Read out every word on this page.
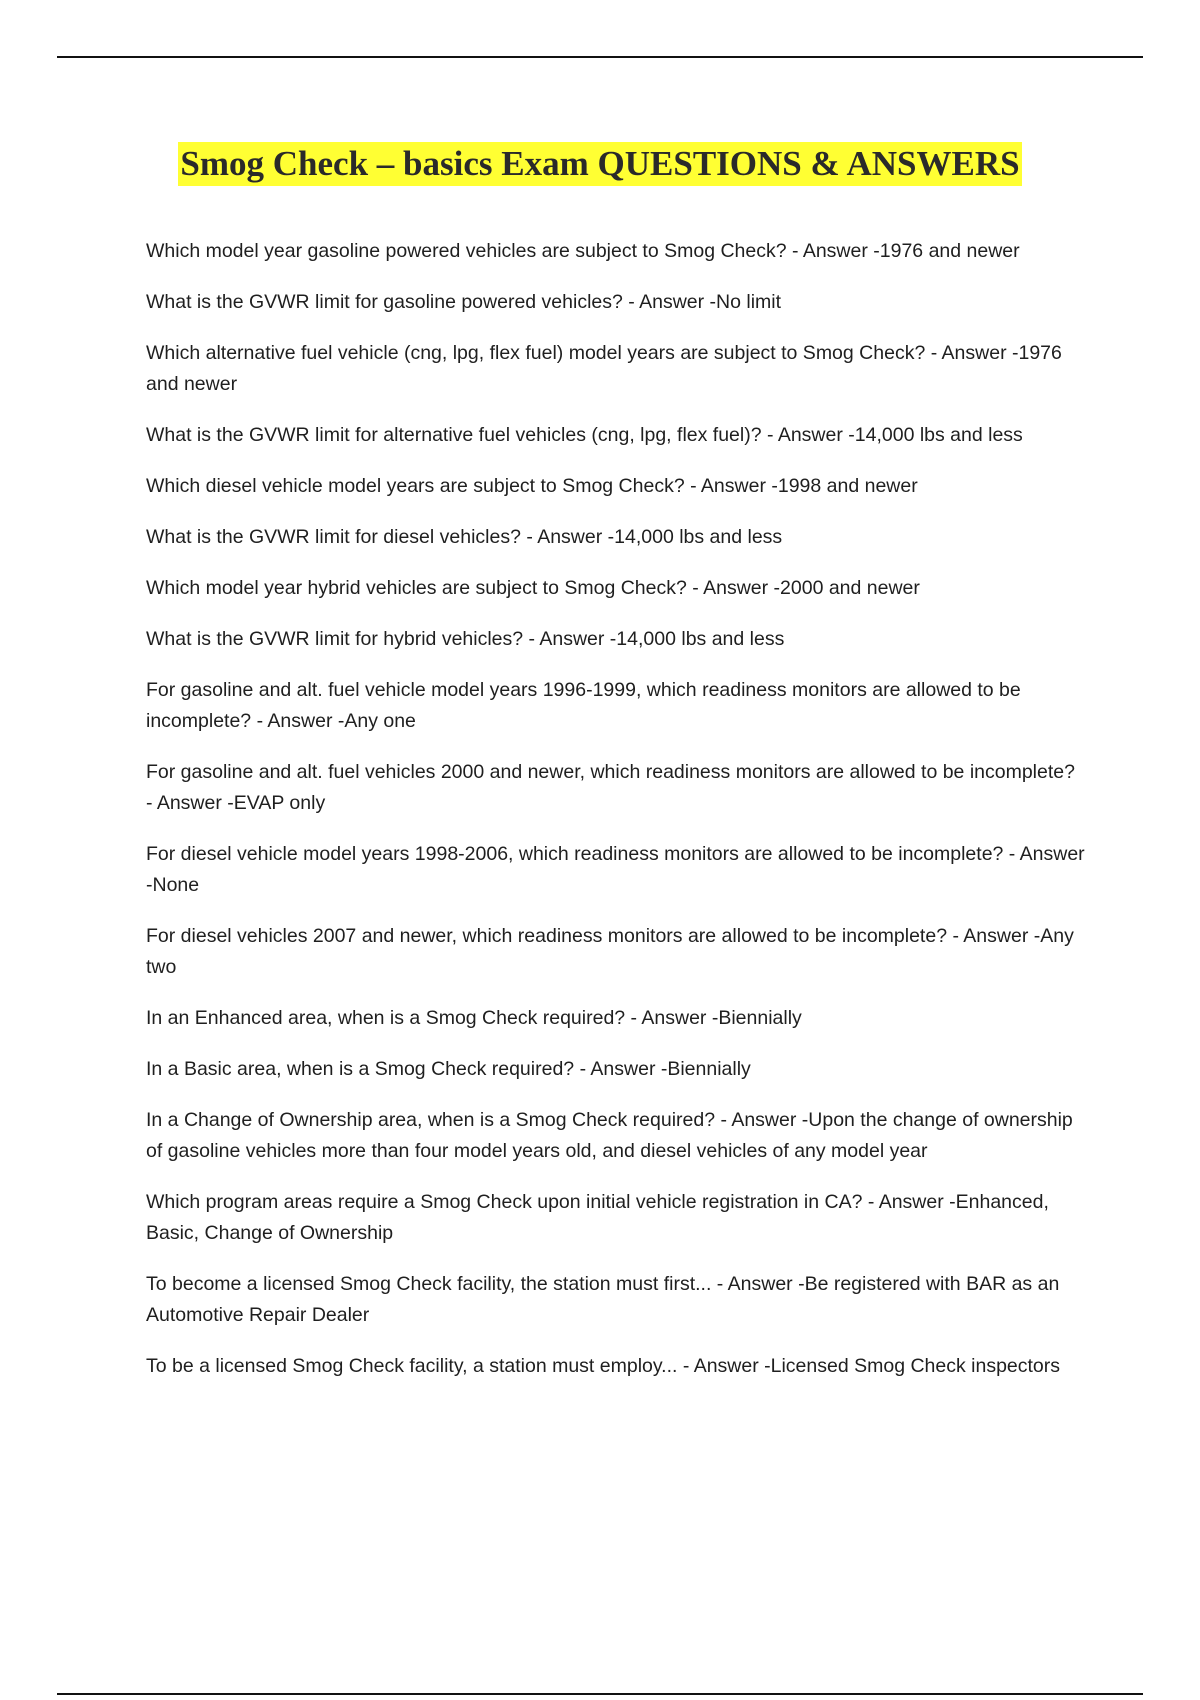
Smog Check – basics Exam QUESTIONS & ANSWERS
Which model year gasoline powered vehicles are subject to Smog Check? - Answer -1976 and newer
What is the GVWR limit for gasoline powered vehicles? - Answer -No limit
Which alternative fuel vehicle (cng, lpg, flex fuel) model years are subject to Smog Check? - Answer -1976 and newer
What is the GVWR limit for alternative fuel vehicles (cng, lpg, flex fuel)? - Answer -14,000 lbs and less
Which diesel vehicle model years are subject to Smog Check? - Answer -1998 and newer
What is the GVWR limit for diesel vehicles? - Answer -14,000 lbs and less
Which model year hybrid vehicles are subject to Smog Check? - Answer -2000 and newer
What is the GVWR limit for hybrid vehicles? - Answer -14,000 lbs and less
For gasoline and alt. fuel vehicle model years 1996-1999, which readiness monitors are allowed to be incomplete? - Answer -Any one
For gasoline and alt. fuel vehicles 2000 and newer, which readiness monitors are allowed to be incomplete? - Answer -EVAP only
For diesel vehicle model years 1998-2006, which readiness monitors are allowed to be incomplete? - Answer -None
For diesel vehicles 2007 and newer, which readiness monitors are allowed to be incomplete? - Answer -Any two
In an Enhanced area, when is a Smog Check required? - Answer -Biennially
In a Basic area, when is a Smog Check required? - Answer -Biennially
In a Change of Ownership area, when is a Smog Check required? - Answer -Upon the change of ownership of gasoline vehicles more than four model years old, and diesel vehicles of any model year
Which program areas require a Smog Check upon initial vehicle registration in CA? - Answer -Enhanced, Basic, Change of Ownership
To become a licensed Smog Check facility, the station must first... - Answer -Be registered with BAR as an Automotive Repair Dealer
To be a licensed Smog Check facility, a station must employ... - Answer -Licensed Smog Check inspectors
